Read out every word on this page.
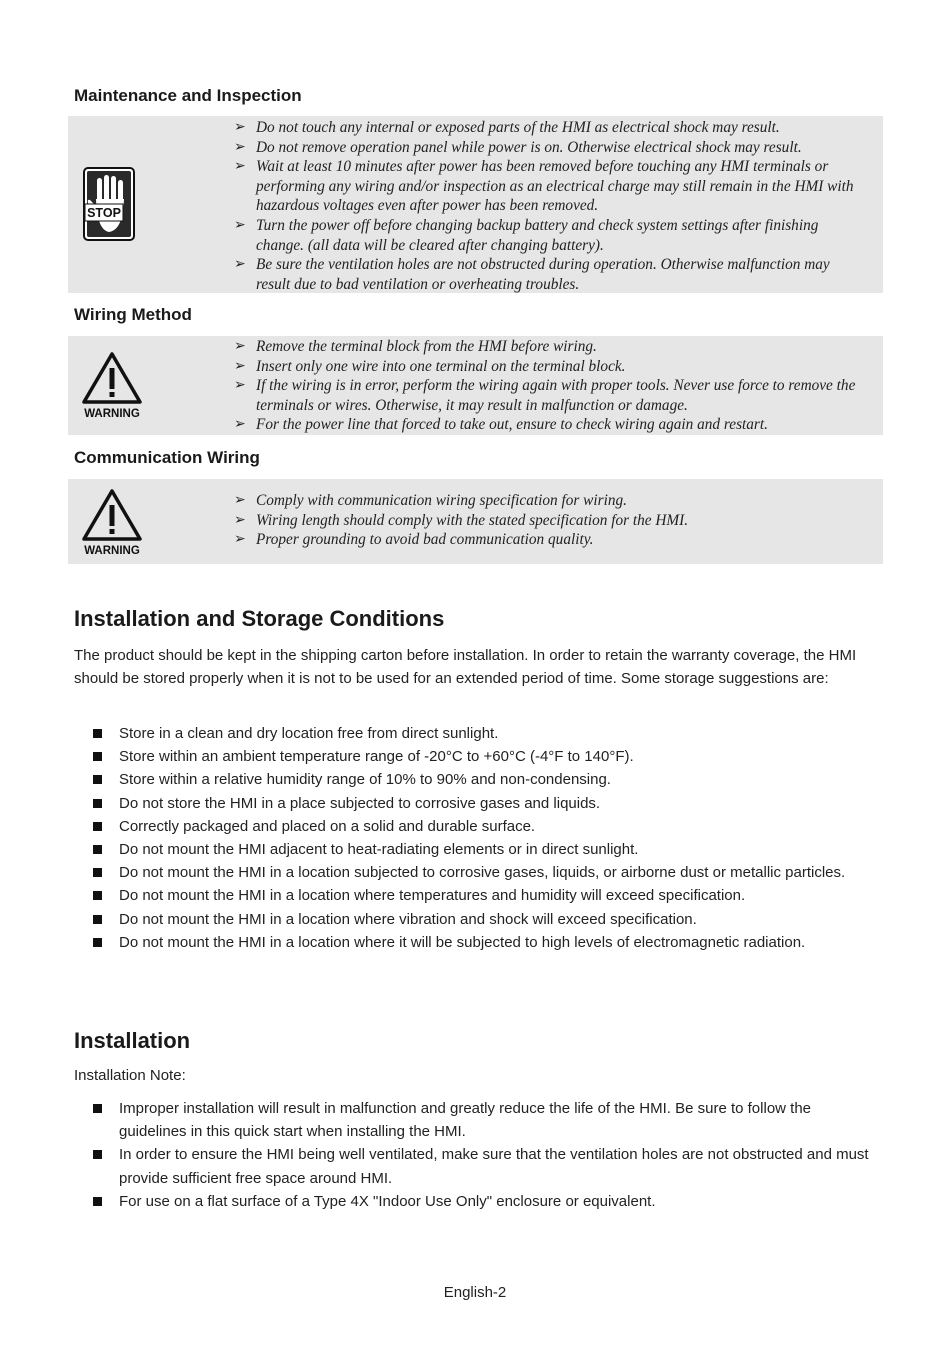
Maintenance and Inspection
STOP
➢ Do not touch any internal or exposed parts of the HMI as electrical shock may result.
➢ Do not remove operation panel while power is on. Otherwise electrical shock may result.
➢ Wait at least 10 minutes after power has been removed before touching any HMI terminals or performing any wiring and/or inspection as an electrical charge may still remain in the HMI with hazardous voltages even after power has been removed.
➢ Turn the power off before changing backup battery and check system settings after finishing change. (all data will be cleared after changing battery).
➢ Be sure the ventilation holes are not obstructed during operation. Otherwise malfunction may result due to bad ventilation or overheating troubles.
Wiring Method
WARNING
➢ Remove the terminal block from the HMI before wiring.
➢ Insert only one wire into one terminal on the terminal block.
➢ If the wiring is in error, perform the wiring again with proper tools. Never use force to remove the terminals or wires. Otherwise, it may result in malfunction or damage.
➢ For the power line that forced to take out, ensure to check wiring again and restart.
Communication Wiring
WARNING
➢ Comply with communication wiring specification for wiring.
➢ Wiring length should comply with the stated specification for the HMI.
➢ Proper grounding to avoid bad communication quality.
Installation and Storage Conditions

The product should be kept in the shipping carton before installation. In order to retain the warranty coverage, the HMI should be stored properly when it is not to be used for an extended period of time. Some storage suggestions are:

Store in a clean and dry location free from direct sunlight.
Store within an ambient temperature range of -20°C to +60°C (-4°F to 140°F).
Store within a relative humidity range of 10% to 90% and non-condensing.
Do not store the HMI in a place subjected to corrosive gases and liquids.
Correctly packaged and placed on a solid and durable surface.
Do not mount the HMI adjacent to heat-radiating elements or in direct sunlight.
Do not mount the HMI in a location subjected to corrosive gases, liquids, or airborne dust or metallic particles.
Do not mount the HMI in a location where temperatures and humidity will exceed specification.
Do not mount the HMI in a location where vibration and shock will exceed specification.
Do not mount the HMI in a location where it will be subjected to high levels of electromagnetic radiation.
Installation

Installation Note:

Improper installation will result in malfunction and greatly reduce the life of the HMI. Be sure to follow the guidelines in this quick start when installing the HMI.
In order to ensure the HMI being well ventilated, make sure that the ventilation holes are not obstructed and must provide sufficient free space around HMI.
For use on a flat surface of a Type 4X "Indoor Use Only" enclosure or equivalent.
English-2
